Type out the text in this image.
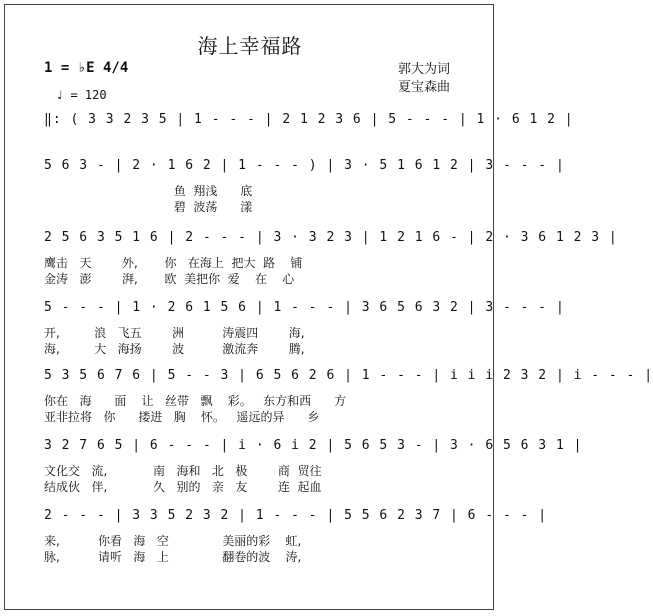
海上幸福路
郭大为词
夏宝森曲
1 = ♭E 4/4
♩ = 120
‖: ( 3 3 2 3 5 | 1 - - - | 2 1 2 3 6 | 5 - - - | 1 · 6 1 2 |
5 6 3 - | 2 · 1 6 2 | 1 - - - ) | 3 · 5 1 6 1 2 | 3 - - - |
鱼  翔浅      底
碧  波荡      漾
2 5 6 3 5 1 6 | 2 - - - | 3 · 3 2 3 | 1 2 1 6 - | 2 · 3 6 1 2 3 |
鹰击   天        外,       你   在海上  把大  路    铺
金涛   澎        湃,       欧  美把你  爱    在    心
5 - - - | 1 · 2 6 1 5 6 | 1 - - - | 3 6 5 6 3 2 | 3 - - - |
开,         浪   飞五        洲          涛震四        海,
海,         大   海扬        波          激流奔        腾,
5 3 5 6 7 6 | 5 - - 3 | 6 5 6 2 6 | 1 - - - | i i i 2 3 2 | i - - - |
你在   海      面    让   丝带   飘    彩。   东方和西      方
亚非拉将   你      搂进   胸    怀。   遥远的异      乡
3 2 7 6 5 | 6 - - - | i · 6 i 2 | 5 6 5 3 - | 3 · 6 5 6 3 1 |
文化交   流,            南   海和   北   极        商  贸往
结成伙   伴,            久   别的   亲   友        连  起血
2 - - - | 3 3 5 2 3 2 | 1 - - - | 5 5 6 2 3 7 | 6 - - - |
来,          你看   海   空              美丽的彩    虹,
脉,          请听   海   上              翻卷的波    涛,
